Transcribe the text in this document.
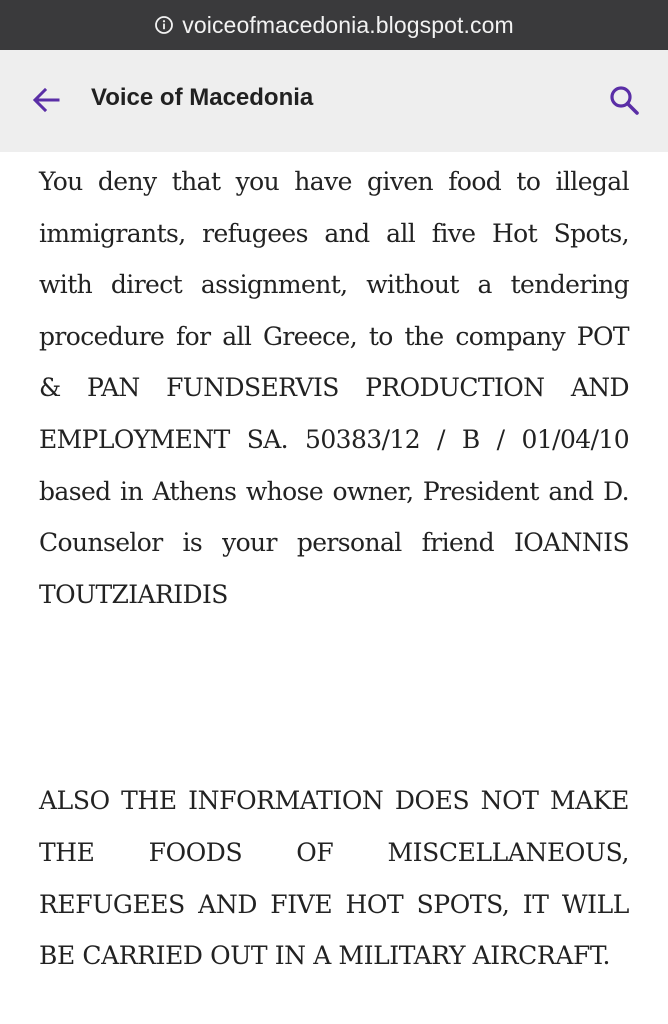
voiceofmacedonia.blogspot.com
Voice of Macedonia

You deny that you have given food to illegal immigrants, refugees and all five Hot Spots, with direct assignment, without a tendering procedure for all Greece, to the company POT & PAN FUNDSERVIS PRODUCTION AND EMPLOYMENT SA. 50383/12 / B / 01/04/10 based in Athens whose owner, President and D. Counselor is your personal friend IOANNIS TOUTZIARIDIS

ALSO THE INFORMATION DOES NOT MAKE THE FOODS OF MISCELLANEOUS, REFUGEES AND FIVE HOT SPOTS, IT WILL BE CARRIED OUT IN A MILITARY AIRCRAFT.
